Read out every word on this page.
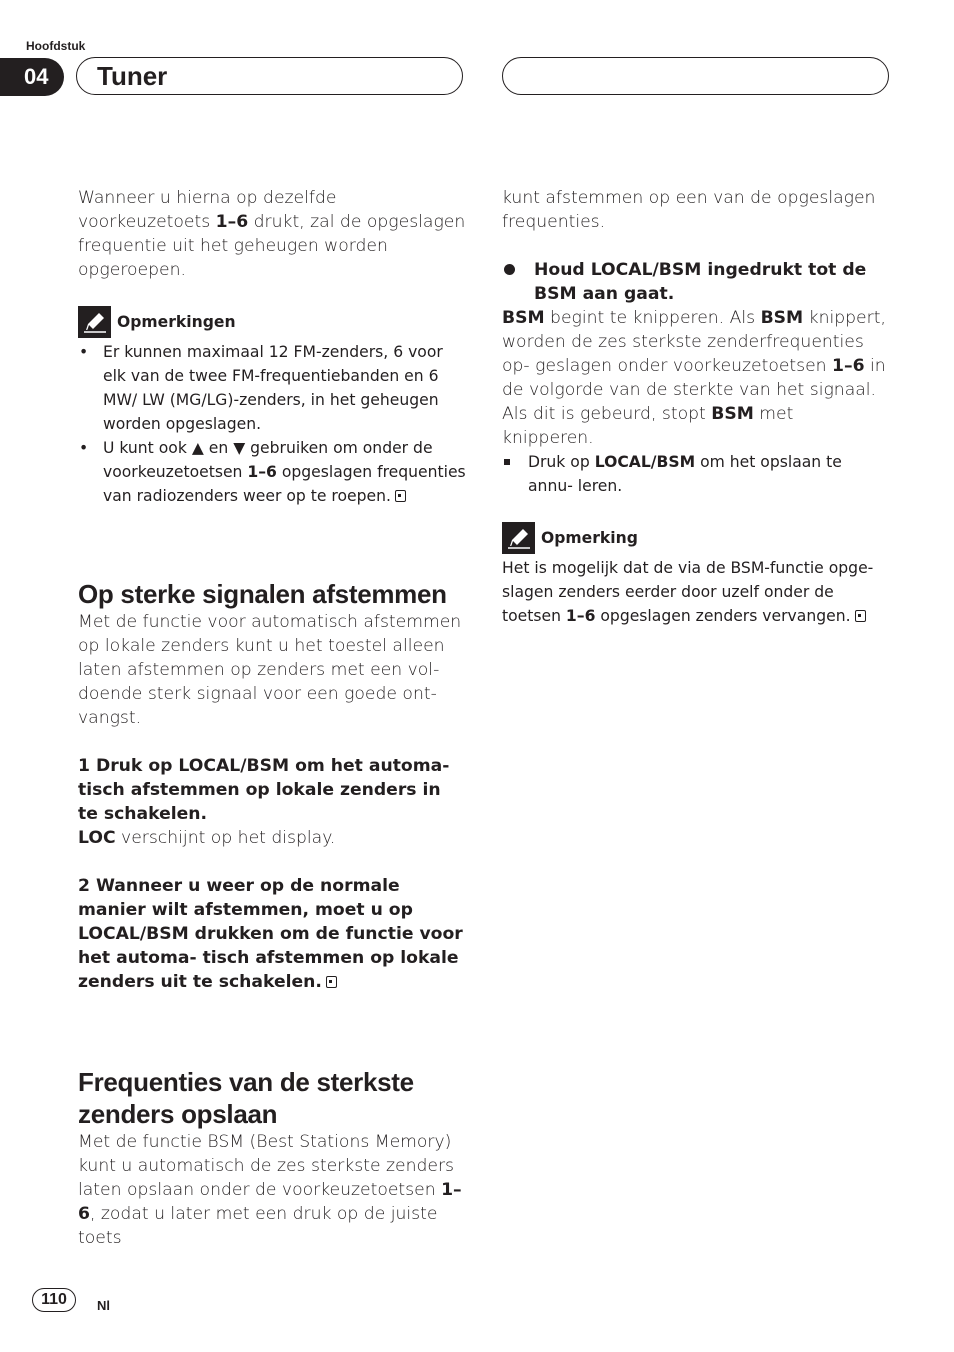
Hoofdstuk
04	Tuner

Wanneer u hierna op dezelfde voorkeuzetoets 1–6 drukt, zal de opgeslagen frequentie uit het geheugen worden opgeroepen.

Opmerkingen
• Er kunnen maximaal 12 FM-zenders, 6 voor elk van de twee FM-frequentiebanden en 6 MW/ LW (MG/LG)-zenders, in het geheugen worden opgeslagen.
• U kunt ook ▲ en ▼ gebruiken om onder de voorkeuzetoetsen 1–6 opgeslagen frequenties van radiozenders weer op te roepen.
Op sterke signalen afstemmen

Met de functie voor automatisch afstemmen op lokale zenders kunt u het toestel alleen laten afstemmen op zenders met een vol- doende sterk signaal voor een goede ont- vangst.

1 Druk op LOCAL/BSM om het automa- tisch afstemmen op lokale zenders in te schakelen.

LOC verschijnt op het display.

2 Wanneer u weer op de normale manier wilt afstemmen, moet u op LOCAL/BSM drukken om de functie voor het automa- tisch afstemmen op lokale zenders uit te schakelen.
Frequenties van de sterkste zenders opslaan

Met de functie BSM (Best Stations Memory) kunt u automatisch de zes sterkste zenders laten opslaan onder de voorkeuzetoetsen 1–6, zodat u later met een druk op de juiste toets

kunt afstemmen op een van de opgeslagen frequenties.

Houd LOCAL/BSM ingedrukt tot de BSM aan gaat.

BSM begint te knipperen. Als BSM knippert, worden de zes sterkste zenderfrequenties op- geslagen onder voorkeuzetoetsen 1–6 in de volgorde van de sterkte van het signaal. Als dit is gebeurd, stopt BSM met knipperen.

Druk op LOCAL/BSM om het opslaan te annu- leren.
Opmerking
Het is mogelijk dat de via de BSM-functie opge- slagen zenders eerder door uzelf onder de toetsen 1–6 opgeslagen zenders vervangen.
110	Nl
